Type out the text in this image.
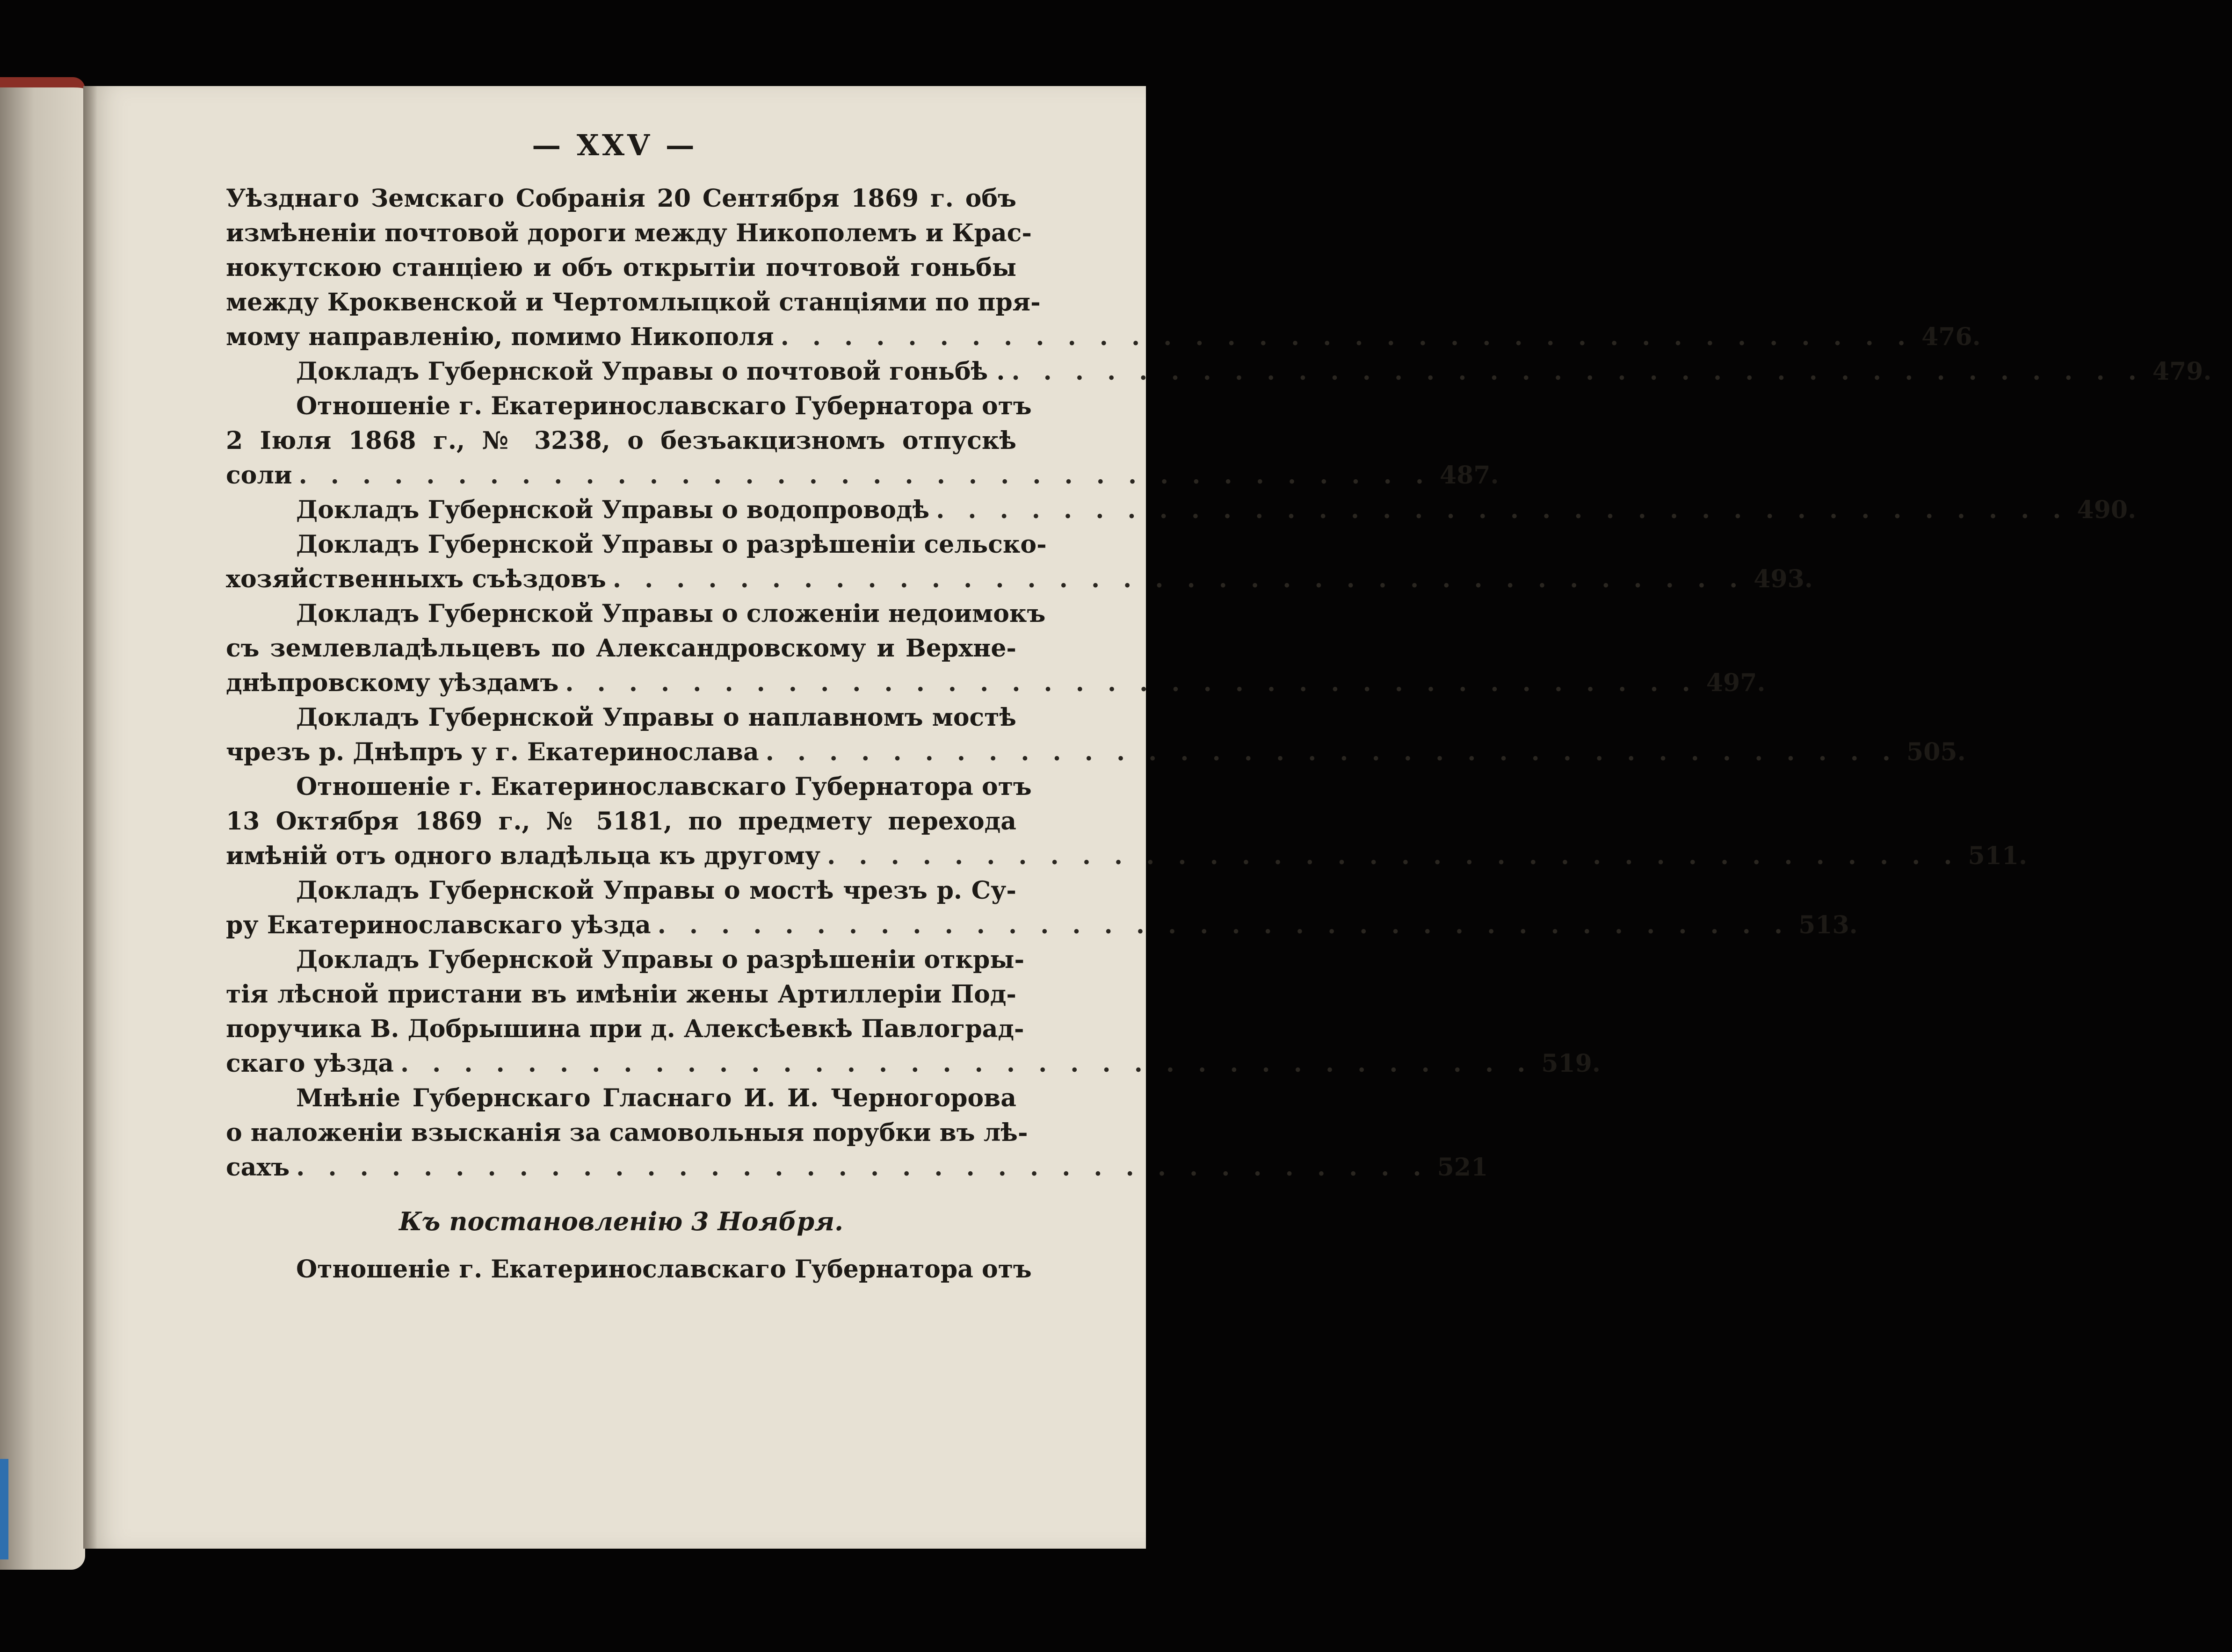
— XXV —
Уѣзднаго Земскаго Собранія 20 Сентября 1869 г. объ
измѣненіи почтовой дороги между Никополемъ и Крас-
нокутскою станціею и объ открытіи почтовой гоньбы
между Кроквенской и Чертомлыцкой станціями по пря-
мому направленію, помимо Никополя . . . . . . . . . . . . . . . . . . . . . . . . . . . . . . . . . . . . 476.
Докладъ Губернской Управы о почтовой гоньбѣ . . . . . . . . . . . . . . . . . . . . . . . . . . . . . . . . . . . . . 479.
Отношеніе г. Екатеринославскаго Губернатора отъ
2 Іюля 1868 г., № 3238, о безъакцизномъ отпускѣ
соли . . . . . . . . . . . . . . . . . . . . . . . . . . . . . . . . . . . . 487.
Докладъ Губернской Управы о водопроводѣ . . . . . . . . . . . . . . . . . . . . . . . . . . . . . . . . . . . . 490.
Докладъ Губернской Управы о разрѣшеніи сельско-
хозяйственныхъ съѣздовъ . . . . . . . . . . . . . . . . . . . . . . . . . . . . . . . . . . . . 493.
Докладъ Губернской Управы о сложеніи недоимокъ
съ землевладѣльцевъ по Александровскому и Верхне-
днѣпровскому уѣздамъ . . . . . . . . . . . . . . . . . . . . . . . . . . . . . . . . . . . . 497.
Докладъ Губернской Управы о наплавномъ мостѣ
чрезъ р. Днѣпръ у г. Екатеринослава . . . . . . . . . . . . . . . . . . . . . . . . . . . . . . . . . . . . 505.
Отношеніе г. Екатеринославскаго Губернатора отъ
13 Октября 1869 г., № 5181, по предмету перехода
имѣній отъ одного владѣльца къ другому . . . . . . . . . . . . . . . . . . . . . . . . . . . . . . . . . . . . 511.
Докладъ Губернской Управы о мостѣ чрезъ р. Су-
ру Екатеринославскаго уѣзда . . . . . . . . . . . . . . . . . . . . . . . . . . . . . . . . . . . . 513.
Докладъ Губернской Управы о разрѣшеніи откры-
тія лѣсной пристани въ имѣніи жены Артиллеріи Под-
поручика В. Добрышина при д. Алексѣевкѣ Павлоград-
скаго уѣзда . . . . . . . . . . . . . . . . . . . . . . . . . . . . . . . . . . . . 519.
Мнѣніе Губернскаго Гласнаго И. И. Черногорова
о наложеніи взысканія за самовольныя порубки въ лѣ-
сахъ . . . . . . . . . . . . . . . . . . . . . . . . . . . . . . . . . . . . 521
Къ постановленію 3 Ноября.
Отношеніе г. Екатеринославскаго Губернатора отъ
